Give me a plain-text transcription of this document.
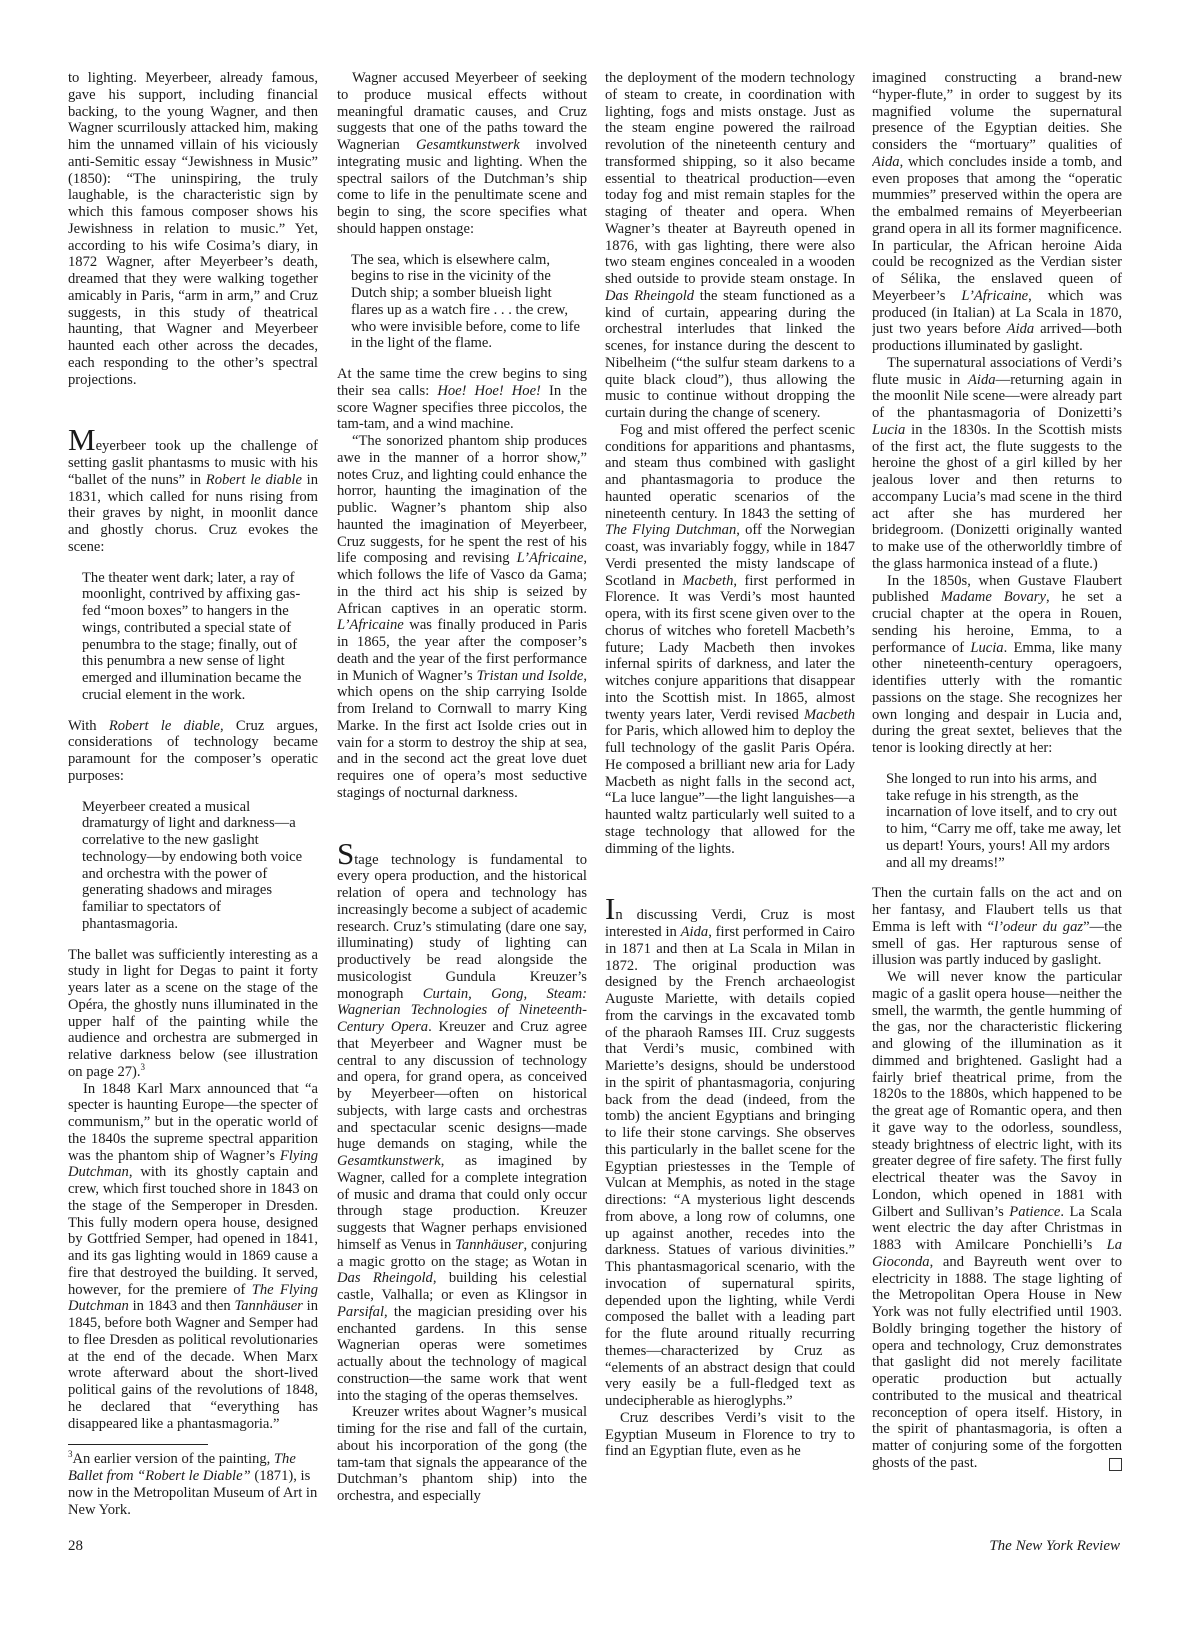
to lighting. Meyerbeer, already famous, gave his support, including financial backing, to the young Wagner, and then Wagner scurrilously attacked him, making him the unnamed villain of his viciously anti-Semitic essay “Jewishness in Music” (1850): “The uninspiring, the truly laughable, is the characteristic sign by which this famous composer shows his Jewishness in relation to music.” Yet, according to his wife Cosima’s diary, in 1872 Wagner, after Meyerbeer’s death, dreamed that they were walking together amicably in Paris, “arm in arm,” and Cruz suggests, in this study of theatrical haunting, that Wagner and Meyerbeer haunted each other across the decades, each responding to the other’s spectral projections.

Meyerbeer took up the challenge of setting gaslit phantasms to music with his “ballet of the nuns” in Robert le diable in 1831, which called for nuns rising from their graves by night, in moonlit dance and ghostly chorus. Cruz evokes the scene:

The theater went dark; later, a ray of moonlight, contrived by affixing gas-fed “moon boxes” to hangers in the wings, contributed a special state of penumbra to the stage; finally, out of this penumbra a new sense of light emerged and illumination became the crucial element in the work.

With Robert le diable, Cruz argues, considerations of technology became paramount for the composer’s operatic purposes:

Meyerbeer created a musical dramaturgy of light and darkness—a correlative to the new gaslight technology—by endowing both voice and orchestra with the power of generating shadows and mirages familiar to spectators of phantasmagoria.

The ballet was sufficiently interesting as a study in light for Degas to paint it forty years later as a scene on the stage of the Opéra, the ghostly nuns illuminated in the upper half of the painting while the audience and orchestra are submerged in relative darkness below (see illustration on page 27).$^3$

In 1848 Karl Marx announced that “a specter is haunting Europe—the specter of communism,” but in the operatic world of the 1840s the supreme spectral apparition was the phantom ship of Wagner’s Flying Dutchman, with its ghostly captain and crew, which first touched shore in 1843 on the stage of the Semperoper in Dresden. This fully modern opera house, designed by Gottfried Semper, had opened in 1841, and its gas lighting would in 1869 cause a fire that destroyed the building. It served, however, for the premiere of The Flying Dutchman in 1843 and then Tannhäuser in 1845, before both Wagner and Semper had to flee Dresden as political revolutionaries at the end of the decade. When Marx wrote afterward about the short-lived political gains of the revolutions of 1848, he declared that “everything has disappeared like a phantasmagoria.”

$^3$An earlier version of the painting, The Ballet from “Robert le Diable” (1871), is now in the Metropolitan Museum of Art in New York.

Wagner accused Meyerbeer of seeking to produce musical effects without meaningful dramatic causes, and Cruz suggests that one of the paths toward the Wagnerian Gesamtkunstwerk involved integrating music and lighting. When the spectral sailors of the Dutchman’s ship come to life in the penultimate scene and begin to sing, the score specifies what should happen onstage:

The sea, which is elsewhere calm, begins to rise in the vicinity of the Dutch ship; a somber blueish light flares up as a watch fire . . . the crew, who were invisible before, come to life in the light of the flame.

At the same time the crew begins to sing their sea calls: Hoe! Hoe! Hoe! In the score Wagner specifies three piccolos, the tam-tam, and a wind machine.

“The sonorized phantom ship produces awe in the manner of a horror show,” notes Cruz, and lighting could enhance the horror, haunting the imagination of the public. Wagner’s phantom ship also haunted the imagination of Meyerbeer, Cruz suggests, for he spent the rest of his life composing and revising L’Africaine, which follows the life of Vasco da Gama; in the third act his ship is seized by African captives in an operatic storm. L’Africaine was finally produced in Paris in 1865, the year after the composer’s death and the year of the first performance in Munich of Wagner’s Tristan und Isolde, which opens on the ship carrying Isolde from Ireland to Cornwall to marry King Marke. In the first act Isolde cries out in vain for a storm to destroy the ship at sea, and in the second act the great love duet requires one of opera’s most seductive stagings of nocturnal darkness.

Stage technology is fundamental to every opera production, and the historical relation of opera and technology has increasingly become a subject of academic research. Cruz’s stimulating (dare one say, illuminating) study of lighting can productively be read alongside the musicologist Gundula Kreuzer’s monograph Curtain, Gong, Steam: Wagnerian Technologies of Nineteenth-Century Opera. Kreuzer and Cruz agree that Meyerbeer and Wagner must be central to any discussion of technology and opera, for grand opera, as conceived by Meyerbeer—often on historical subjects, with large casts and orchestras and spectacular scenic designs—made huge demands on staging, while the Gesamtkunstwerk, as imagined by Wagner, called for a complete integration of music and drama that could only occur through stage production. Kreuzer suggests that Wagner perhaps envisioned himself as Venus in Tannhäuser, conjuring a magic grotto on the stage; as Wotan in Das Rheingold, building his celestial castle, Valhalla; or even as Klingsor in Parsifal, the magician presiding over his enchanted gardens. In this sense Wagnerian operas were sometimes actually about the technology of magical construction—the same work that went into the staging of the operas themselves.

Kreuzer writes about Wagner’s musical timing for the rise and fall of the curtain, about his incorporation of the gong (the tam-tam that signals the appearance of the Dutchman’s phantom ship) into the orchestra, and especially

the deployment of the modern technology of steam to create, in coordination with lighting, fogs and mists onstage. Just as the steam engine powered the railroad revolution of the nineteenth century and transformed shipping, so it also became essential to theatrical production—even today fog and mist remain staples for the staging of theater and opera. When Wagner’s theater at Bayreuth opened in 1876, with gas lighting, there were also two steam engines concealed in a wooden shed outside to provide steam onstage. In Das Rheingold the steam functioned as a kind of curtain, appearing during the orchestral interludes that linked the scenes, for instance during the descent to Nibelheim (“the sulfur steam darkens to a quite black cloud”), thus allowing the music to continue without dropping the curtain during the change of scenery.

Fog and mist offered the perfect scenic conditions for apparitions and phantasms, and steam thus combined with gaslight and phantasmagoria to produce the haunted operatic scenarios of the nineteenth century. In 1843 the setting of The Flying Dutchman, off the Norwegian coast, was invariably foggy, while in 1847 Verdi presented the misty landscape of Scotland in Macbeth, first performed in Florence. It was Verdi’s most haunted opera, with its first scene given over to the chorus of witches who foretell Macbeth’s future; Lady Macbeth then invokes infernal spirits of darkness, and later the witches conjure apparitions that disappear into the Scottish mist. In 1865, almost twenty years later, Verdi revised Macbeth for Paris, which allowed him to deploy the full technology of the gaslit Paris Opéra. He composed a brilliant new aria for Lady Macbeth as night falls in the second act, “La luce langue”—the light languishes—a haunted waltz particularly well suited to a stage technology that allowed for the dimming of the lights.

In discussing Verdi, Cruz is most interested in Aida, first performed in Cairo in 1871 and then at La Scala in Milan in 1872. The original production was designed by the French archaeologist Auguste Mariette, with details copied from the carvings in the excavated tomb of the pharaoh Ramses III. Cruz suggests that Verdi’s music, combined with Mariette’s designs, should be understood in the spirit of phantasmagoria, conjuring back from the dead (indeed, from the tomb) the ancient Egyptians and bringing to life their stone carvings. She observes this particularly in the ballet scene for the Egyptian priestesses in the Temple of Vulcan at Memphis, as noted in the stage directions: “A mysterious light descends from above, a long row of columns, one up against another, recedes into the darkness. Statues of various divinities.” This phantasmagorical scenario, with the invocation of supernatural spirits, depended upon the lighting, while Verdi composed the ballet with a leading part for the flute around ritually recurring themes—characterized by Cruz as “elements of an abstract design that could very easily be a full-fledged text as undecipherable as hieroglyphs.”

Cruz describes Verdi’s visit to the Egyptian Museum in Florence to try to find an Egyptian flute, even as he

imagined constructing a brand-new “hyper-flute,” in order to suggest by its magnified volume the supernatural presence of the Egyptian deities. She considers the “mortuary” qualities of Aida, which concludes inside a tomb, and even proposes that among the “operatic mummies” preserved within the opera are the embalmed remains of Meyerbeerian grand opera in all its former magnificence. In particular, the African heroine Aida could be recognized as the Verdian sister of Sélika, the enslaved queen of Meyerbeer’s L’Africaine, which was produced (in Italian) at La Scala in 1870, just two years before Aida arrived—both productions illuminated by gaslight.

The supernatural associations of Verdi’s flute music in Aida—returning again in the moonlit Nile scene—were already part of the phantasmagoria of Donizetti’s Lucia in the 1830s. In the Scottish mists of the first act, the flute suggests to the heroine the ghost of a girl killed by her jealous lover and then returns to accompany Lucia’s mad scene in the third act after she has murdered her bridegroom. (Donizetti originally wanted to make use of the otherworldly timbre of the glass harmonica instead of a flute.)

In the 1850s, when Gustave Flaubert published Madame Bovary, he set a crucial chapter at the opera in Rouen, sending his heroine, Emma, to a performance of Lucia. Emma, like many other nineteenth-century operagoers, identifies utterly with the romantic passions on the stage. She recognizes her own longing and despair in Lucia and, during the great sextet, believes that the tenor is looking directly at her:

She longed to run into his arms, and take refuge in his strength, as the incarnation of love itself, and to cry out to him, “Carry me off, take me away, let us depart! Yours, yours! All my ardors and all my dreams!”

Then the curtain falls on the act and on her fantasy, and Flaubert tells us that Emma is left with “l’odeur du gaz”—the smell of gas. Her rapturous sense of illusion was partly induced by gaslight.

We will never know the particular magic of a gaslit opera house—neither the smell, the warmth, the gentle humming of the gas, nor the characteristic flickering and glowing of the illumination as it dimmed and brightened. Gaslight had a fairly brief theatrical prime, from the 1820s to the 1880s, which happened to be the great age of Romantic opera, and then it gave way to the odorless, soundless, steady brightness of electric light, with its greater degree of fire safety. The first fully electrical theater was the Savoy in London, which opened in 1881 with Gilbert and Sullivan’s Patience. La Scala went electric the day after Christmas in 1883 with Amilcare Ponchielli’s La Gioconda, and Bayreuth went over to electricity in 1888. The stage lighting of the Metropolitan Opera House in New York was not fully electrified until 1903. Boldly bringing together the history of opera and technology, Cruz demonstrates that gaslight did not merely facilitate operatic production but actually contributed to the musical and theatrical reconception of opera itself. History, in the spirit of phantasmagoria, is often a matter of conjuring some of the forgotten ghosts of the past.

28	The New York Review
